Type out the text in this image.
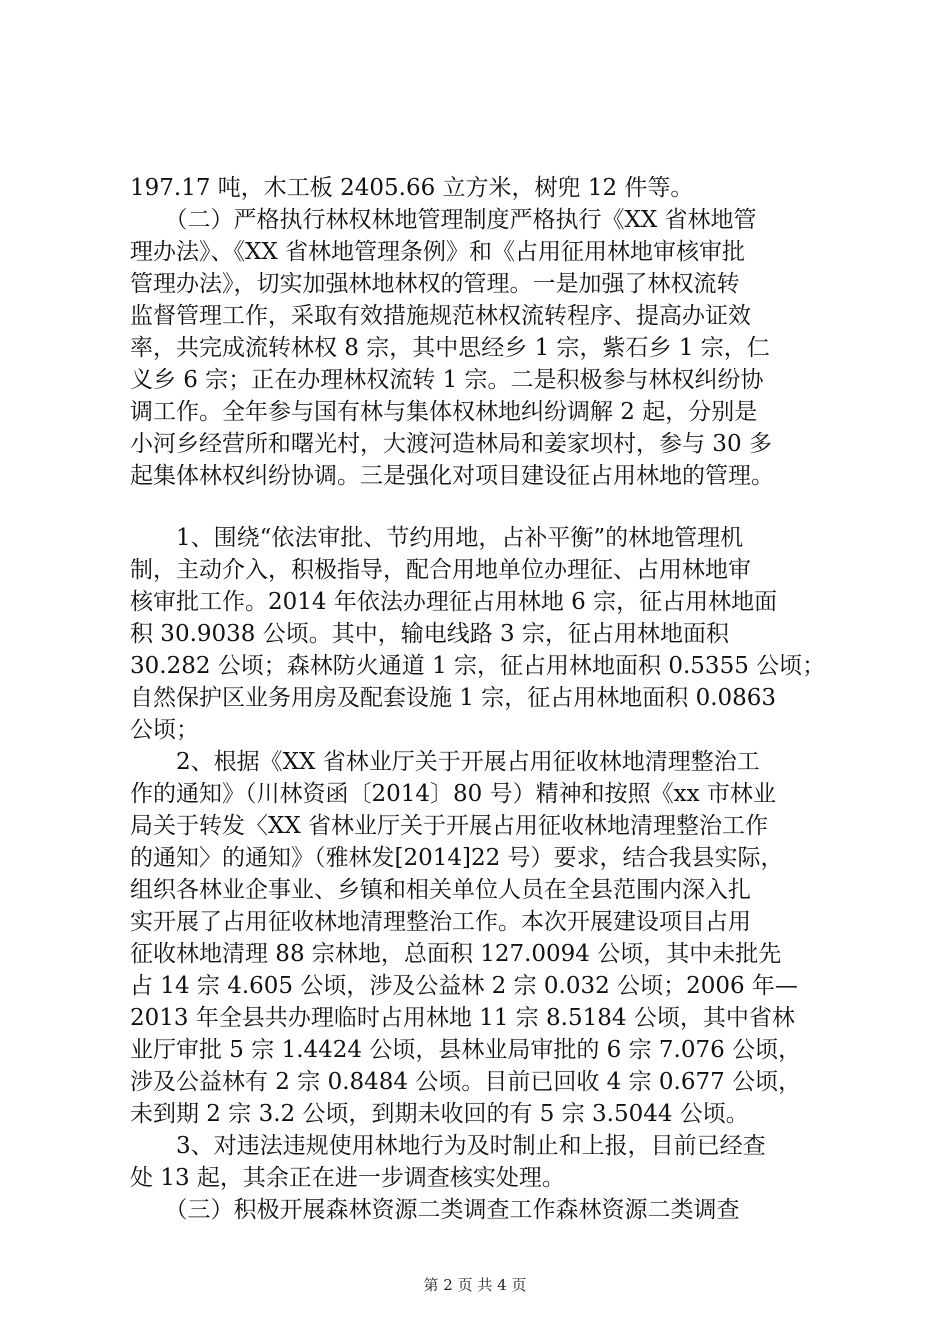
197.17 吨，木工板 2405.66 立方米，树兜 12 件等。
　　（二）严格执行林权林地管理制度严格执行《XX 省林地管
理办法》、《XX 省林地管理条例》和《占用征用林地审核审批
管理办法》，切实加强林地林权的管理。一是加强了林权流转
监督管理工作，采取有效措施规范林权流转程序、提高办证效
率，共完成流转林权 8 宗，其中思经乡 1 宗，紫石乡 1 宗，仁
义乡 6 宗；正在办理林权流转 1 宗。二是积极参与林权纠纷协
调工作。全年参与国有林与集体权林地纠纷调解 2 起，分别是
小河乡经营所和曙光村，大渡河造林局和姜家坝村，参与 30 多
起集体林权纠纷协调。三是强化对项目建设征占用林地的管理。
　　1、围绕“依法审批、节约用地，占补平衡”的林地管理机
制，主动介入，积极指导，配合用地单位办理征、占用林地审
核审批工作。2014 年依法办理征占用林地 6 宗，征占用林地面
积 30.9038 公顷。其中，输电线路 3 宗，征占用林地面积
30.282 公顷；森林防火通道 1 宗，征占用林地面积 0.5355 公顷；
自然保护区业务用房及配套设施 1 宗，征占用林地面积 0.0863
公顷；
　　2、根据《XX 省林业厅关于开展占用征收林地清理整治工
作的通知》（川林资函〔2014〕80 号）精神和按照《xx 市林业
局关于转发〈XX 省林业厅关于开展占用征收林地清理整治工作
的通知〉的通知》（雅林发[2014]22 号）要求，结合我县实际，
组织各林业企事业、乡镇和相关单位人员在全县范围内深入扎
实开展了占用征收林地清理整治工作。本次开展建设项目占用
征收林地清理 88 宗林地，总面积 127.0094 公顷，其中未批先
占 14 宗 4.605 公顷，涉及公益林 2 宗 0.032 公顷；2006 年—
2013 年全县共办理临时占用林地 11 宗 8.5184 公顷，其中省林
业厅审批 5 宗 1.4424 公顷，县林业局审批的 6 宗 7.076 公顷，
涉及公益林有 2 宗 0.8484 公顷。目前已回收 4 宗 0.677 公顷，
未到期 2 宗 3.2 公顷，到期未收回的有 5 宗 3.5044 公顷。
　　3、对违法违规使用林地行为及时制止和上报，目前已经查
处 13 起，其余正在进一步调查核实处理。
　　（三）积极开展森林资源二类调查工作森林资源二类调查
第 2 页 共 4 页
